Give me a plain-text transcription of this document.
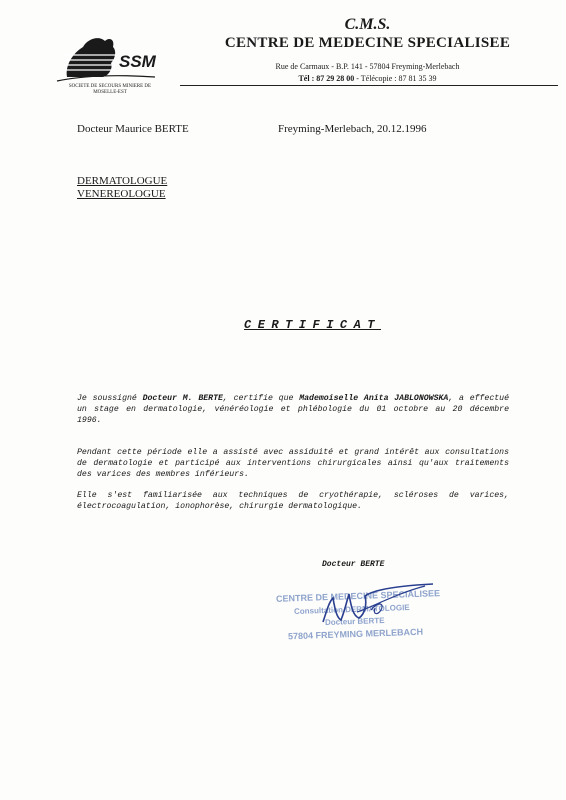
SSM
SOCIETE DE SECOURS MINIERE DE MOSELLE-EST
C.M.S.
CENTRE DE MEDECINE SPECIALISEE
Rue de Carmaux - B.P. 141 - 57804 Freyming-Merlebach
Tél : 87 29 28 00 - Télécopie : 87 81 35 39
Docteur Maurice BERTE	Freyming-Merlebach, 20.12.1996
DERMATOLOGUE
VENEREOLOGUE
CERTIFICAT
Je soussigné Docteur M. BERTE, certifie que Mademoiselle Anita JABLONOWSKA, a effectué un stage en dermatologie, vénéréologie et phlébologie du 01 octobre au 20 décembre 1996.
Pendant cette période elle a assisté avec assiduité et grand intérêt aux consultations de dermatologie et participé aux interventions chirurgicales ainsi qu'aux traitements des varices des membres inférieurs.
Elle s'est familiarisée aux techniques de cryothérapie, scléroses de varices, électrocoagulation, ionophorèse, chirurgie dermatologique.
Docteur BERTE
CENTRE DE MEDECINE SPECIALISEE
Consultation DERMATOLOGIE
Docteur BERTE
57804 FREYMING MERLEBACH
